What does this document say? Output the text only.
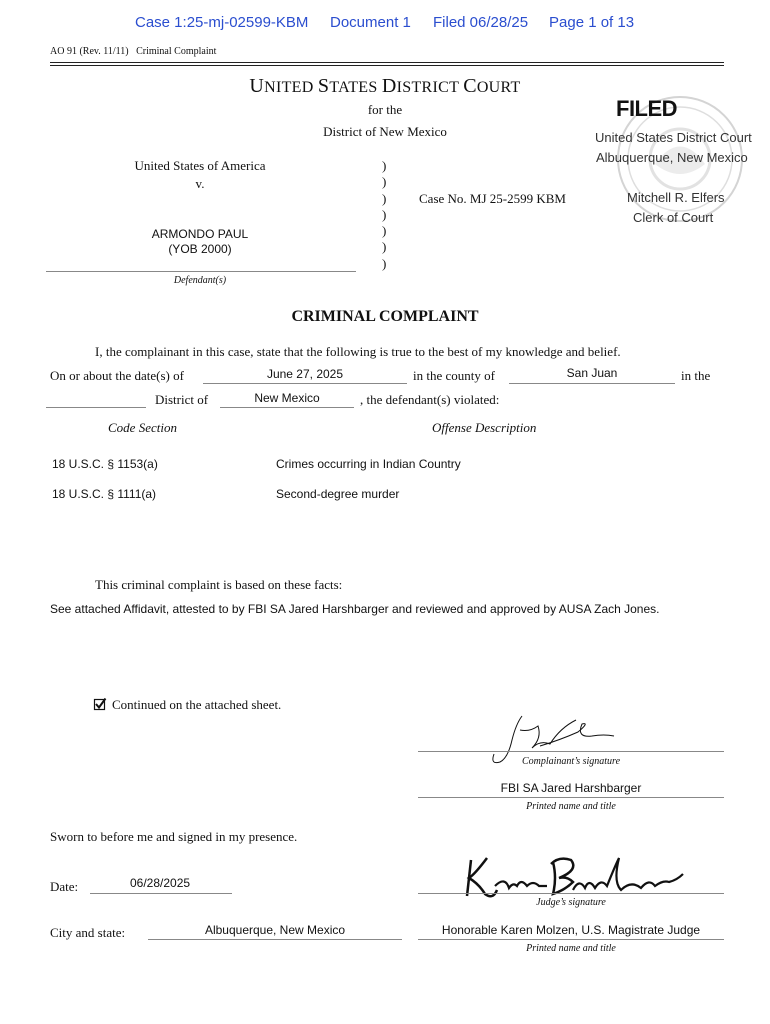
Case 1:25-mj-02599-KBM Document 1 Filed 06/28/25 Page 1 of 13
AO 91 (Rev. 11/11)   Criminal Complaint
UNITED STATES DISTRICT COURT
for the
District of New Mexico
FILED
United States District Court
Albuquerque, New Mexico
Mitchell R. Elfers
Clerk of Court
United States of America
v.
ARMONDO PAUL
(YOB 2000)
Defendant(s)
)
)
)
)
)
)
)
Case No. MJ 25-2599 KBM
CRIMINAL COMPLAINT
I, the complainant in this case, state that the following is true to the best of my knowledge and belief.
On or about the date(s) of	June 27, 2025	in the county of	San Juan	in the
District of	New Mexico	, the defendant(s) violated:
Code Section	Offense Description
18 U.S.C. § 1153(a)	Crimes occurring in Indian Country
18 U.S.C. § 1111(a)	Second-degree murder
This criminal complaint is based on these facts:
See attached Affidavit, attested to by FBI SA Jared Harshbarger and reviewed and approved by AUSA Zach Jones.
Continued on the attached sheet.
Complainant’s signature
FBI SA Jared Harshbarger
Printed name and title
Sworn to before me and signed in my presence.
Date:	06/28/2025
Judge’s signature
City and state:	Albuquerque, New Mexico	Honorable Karen Molzen, U.S. Magistrate Judge
Printed name and title
